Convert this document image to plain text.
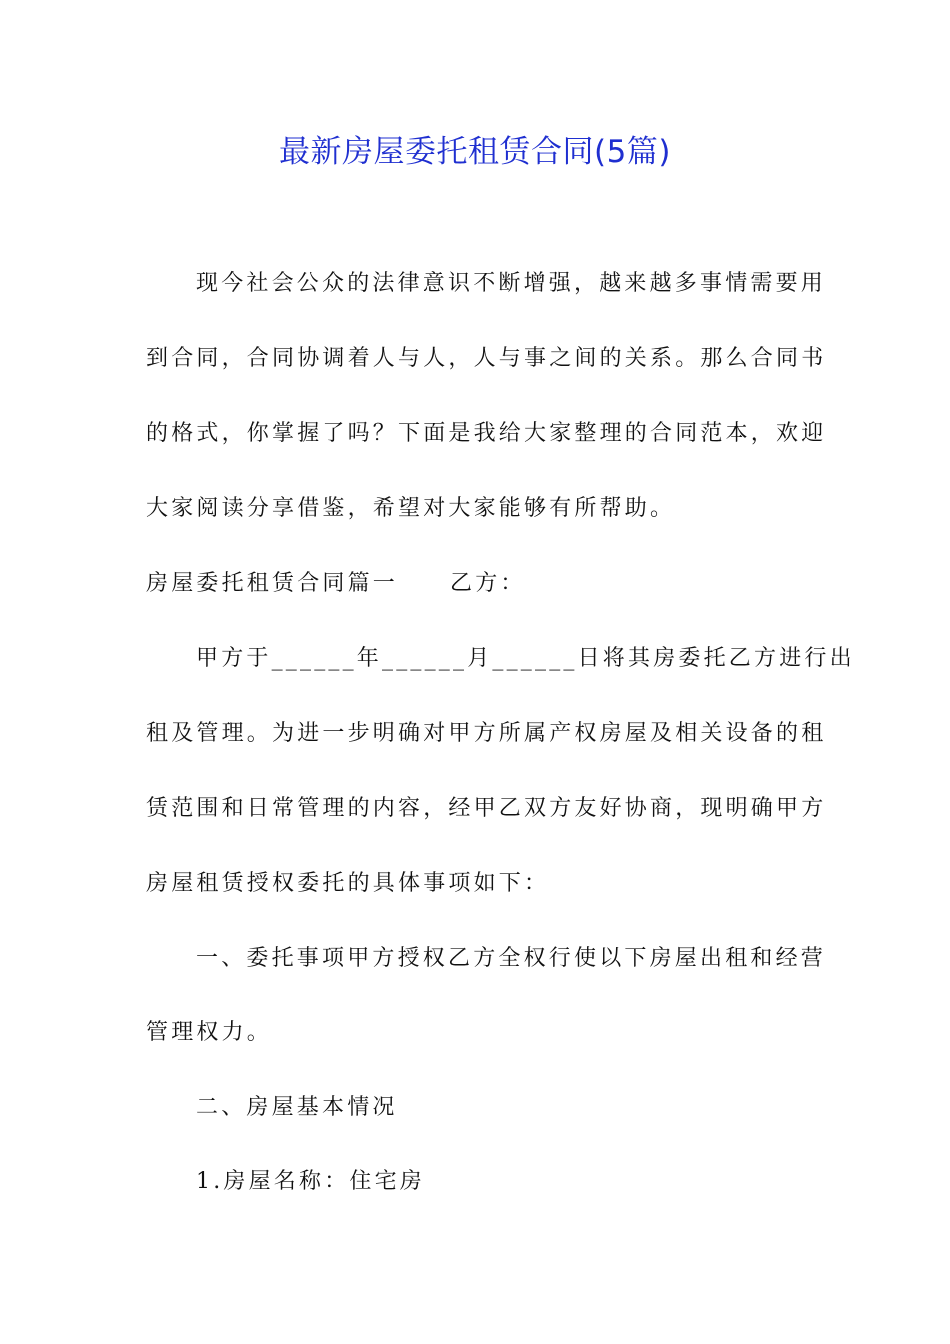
最新房屋委托租赁合同(5篇)
现今社会公众的法律意识不断增强，越来越多事情需要用
到合同，合同协调着人与人，人与事之间的关系。那么合同书
的格式，你掌握了吗？下面是我给大家整理的合同范本，欢迎
大家阅读分享借鉴，希望对大家能够有所帮助。
房屋委托租赁合同篇一 乙方：
甲方于______年______月______日将其房委托乙方进行出
租及管理。为进一步明确对甲方所属产权房屋及相关设备的租
赁范围和日常管理的内容，经甲乙双方友好协商，现明确甲方
房屋租赁授权委托的具体事项如下：
一、委托事项甲方授权乙方全权行使以下房屋出租和经营
管理权力。
二、房屋基本情况
1.房屋名称：住宅房
